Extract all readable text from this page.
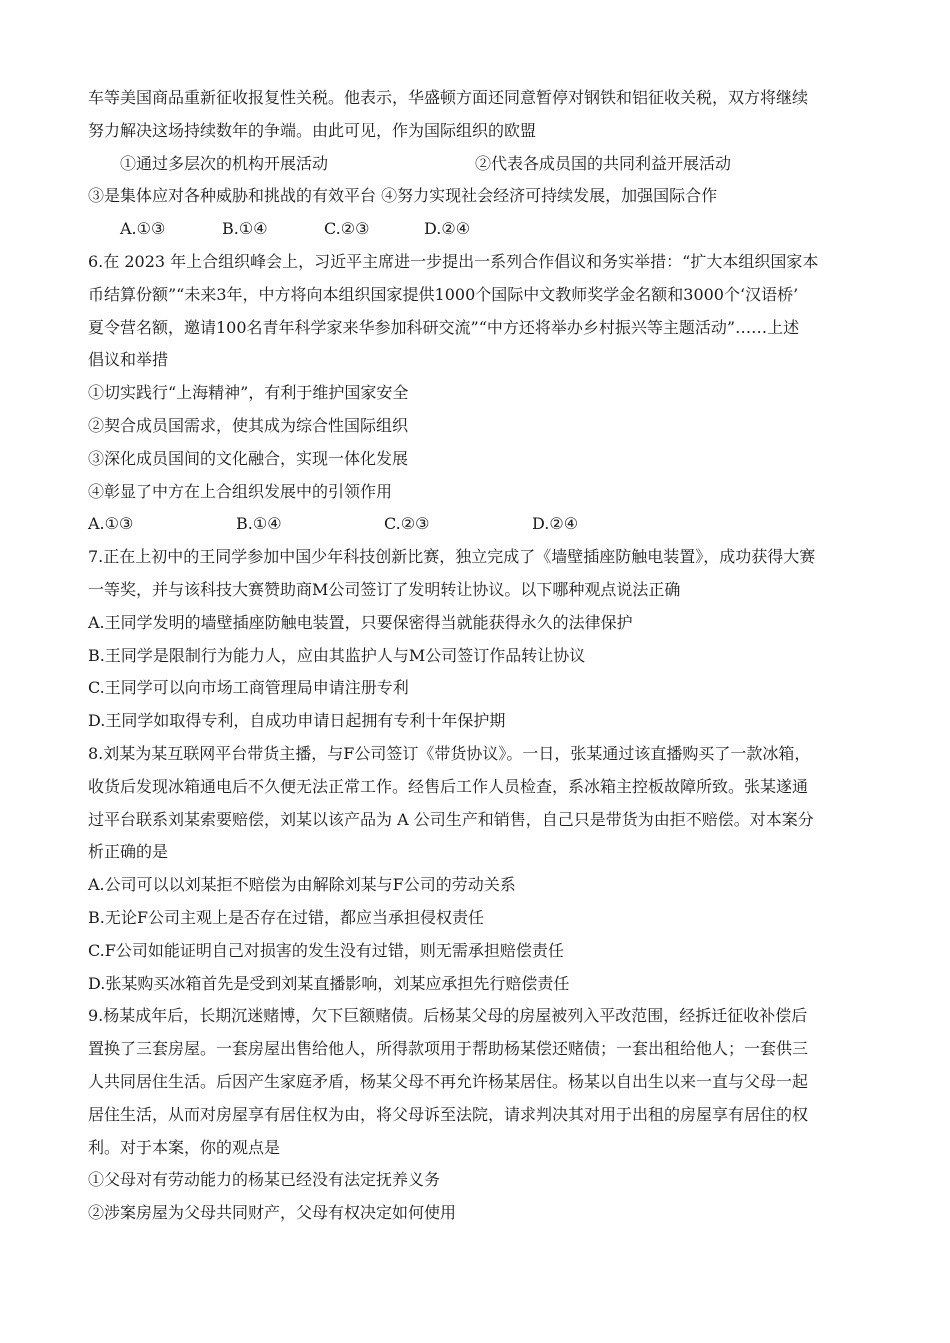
车等美国商品重新征收报复性关税。他表示，华盛顿方面还同意暂停对钢铁和铝征收关税，双方将继续

努力解决这场持续数年的争端。由此可见，作为国际组织的欧盟

①通过多层次的机构开展活动	②代表各成员国的共同利益开展活动

③是集体应对各种威胁和挑战的有效平台 ④努力实现社会经济可持续发展，加强国际合作

A.①③	B.①④	C.②③	D.②④

6.在 2023 年上合组织峰会上，习近平主席进一步提出一系列合作倡议和务实举措：“扩大本组织国家本

币结算份额”“未来3年，中方将向本组织国家提供1000个国际中文教师奖学金名额和3000个‘汉语桥’

夏令营名额，邀请100名青年科学家来华参加科研交流”“中方还将举办乡村振兴等主题活动”……上述

倡议和举措

①切实践行“上海精神”，有利于维护国家安全

②契合成员国需求，使其成为综合性国际组织

③深化成员国间的文化融合，实现一体化发展

④彰显了中方在上合组织发展中的引领作用

A.①③	B.①④	C.②③	D.②④

7.正在上初中的王同学参加中国少年科技创新比赛，独立完成了《墙壁插座防触电装置》，成功获得大赛

一等奖，并与该科技大赛赞助商M公司签订了发明转让协议。以下哪种观点说法正确

A.王同学发明的墙壁插座防触电装置，只要保密得当就能获得永久的法律保护

B.王同学是限制行为能力人，应由其监护人与M公司签订作品转让协议

C.王同学可以向市场工商管理局申请注册专利

D.王同学如取得专利，自成功申请日起拥有专利十年保护期

8.刘某为某互联网平台带货主播，与F公司签订《带货协议》。一日，张某通过该直播购买了一款冰箱，

收货后发现冰箱通电后不久便无法正常工作。经售后工作人员检查，系冰箱主控板故障所致。张某遂通

过平台联系刘某索要赔偿，刘某以该产品为 A 公司生产和销售，自己只是带货为由拒不赔偿。对本案分

析正确的是

A.公司可以以刘某拒不赔偿为由解除刘某与F公司的劳动关系

B.无论F公司主观上是否存在过错，都应当承担侵权责任

C.F公司如能证明自己对损害的发生没有过错，则无需承担赔偿责任

D.张某购买冰箱首先是受到刘某直播影响，刘某应承担先行赔偿责任

9.杨某成年后，长期沉迷赌博，欠下巨额赌债。后杨某父母的房屋被列入平改范围，经拆迁征收补偿后

置换了三套房屋。一套房屋出售给他人，所得款项用于帮助杨某偿还赌债；一套出租给他人；一套供三

人共同居住生活。后因产生家庭矛盾，杨某父母不再允许杨某居住。杨某以自出生以来一直与父母一起

居住生活，从而对房屋享有居住权为由，将父母诉至法院，请求判决其对用于出租的房屋享有居住的权

利。对于本案，你的观点是

①父母对有劳动能力的杨某已经没有法定抚养义务

②涉案房屋为父母共同财产，父母有权决定如何使用
